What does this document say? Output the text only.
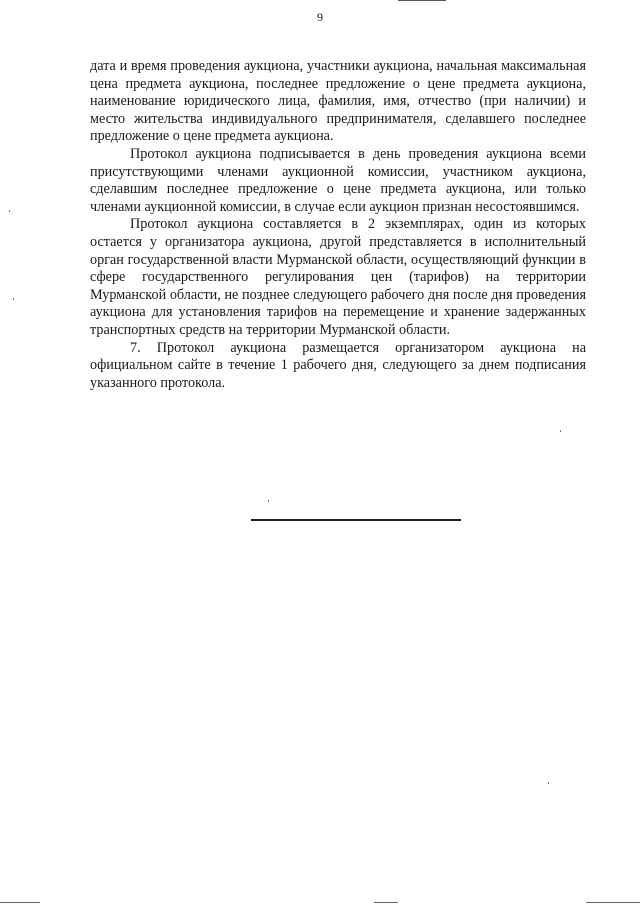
9

дата и время проведения аукциона, участники аукциона, начальная максимальная цена предмета аукциона, последнее предложение о цене предмета аукциона, наименование юридического лица, фамилия, имя, отчество (при наличии) и место жительства индивидуального предпринимателя, сделавшего последнее предложение о цене предмета аукциона.

Протокол аукциона подписывается в день проведения аукциона всеми присутствующими членами аукционной комиссии, участником аукциона, сделавшим последнее предложение о цене предмета аукциона, или только членами аукционной комиссии, в случае если аукцион признан несостоявшимся.

Протокол аукциона составляется в 2 экземплярах, один из которых остается у организатора аукциона, другой представляется в исполнительный орган государственной власти Мурманской области, осуществляющий функции в сфере государственного регулирования цен (тарифов) на территории Мурманской области, не позднее следующего рабочего дня после дня проведения аукциона для установления тарифов на перемещение и хранение задержанных транспортных средств на территории Мурманской области.

7. Протокол аукциона размещается организатором аукциона на официальном сайте в течение 1 рабочего дня, следующего за днем подписания указанного протокола.
